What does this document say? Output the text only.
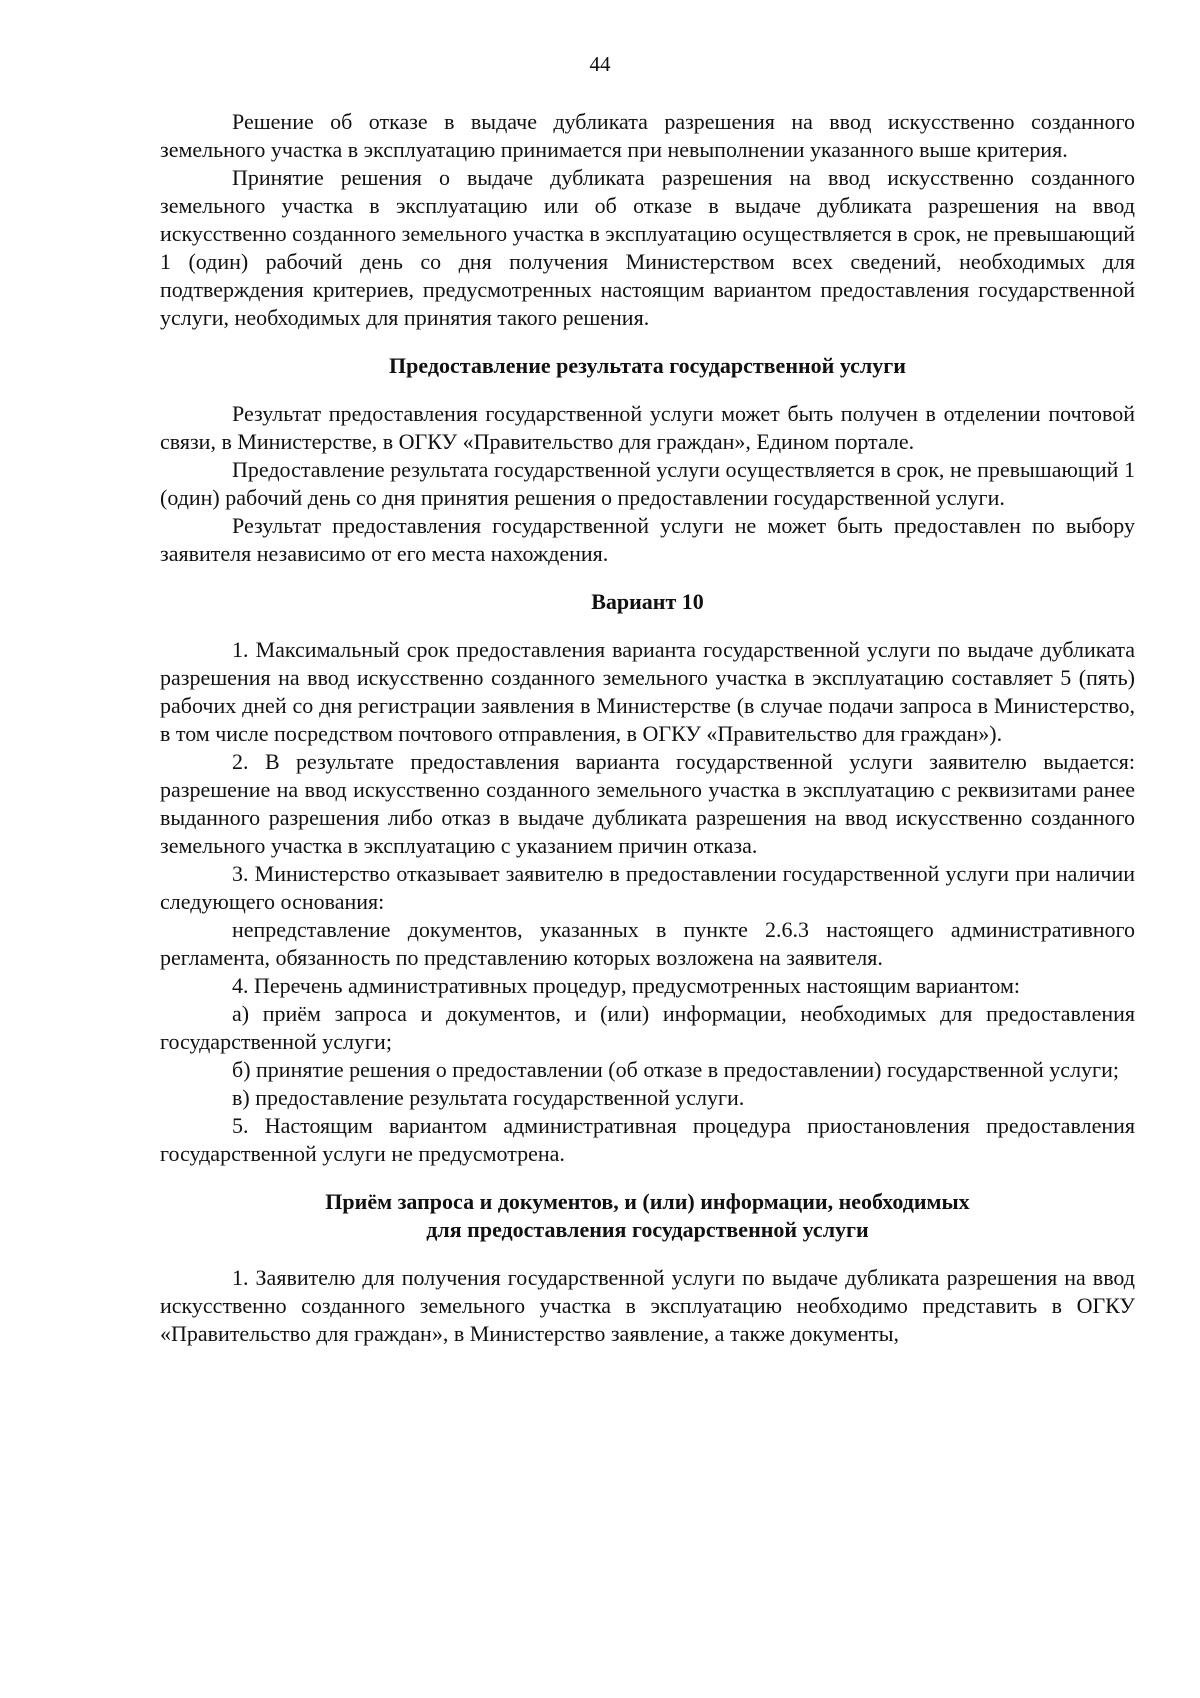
44

Решение об отказе в выдаче дубликата разрешения на ввод искусственно созданного земельного участка в эксплуатацию принимается при невыполнении указанного выше критерия.

Принятие решения о выдаче дубликата разрешения на ввод искусственно созданного земельного участка в эксплуатацию или об отказе в выдаче дубликата разрешения на ввод искусственно созданного земельного участка в эксплуатацию осуществляется в срок, не превышающий 1 (один) рабочий день со дня получения Министерством всех сведений, необходимых для подтверждения критериев, предусмотренных настоящим вариантом предоставления государственной услуги, необходимых для принятия такого решения.

Предоставление результата государственной услуги

Результат предоставления государственной услуги может быть получен в отделении почтовой связи, в Министерстве, в ОГКУ «Правительство для граждан», Едином портале.

Предоставление результата государственной услуги осуществляется в срок, не превышающий 1 (один) рабочий день со дня принятия решения о предоставлении государственной услуги.

Результат предоставления государственной услуги не может быть предоставлен по выбору заявителя независимо от его места нахождения.

Вариант 10

1. Максимальный срок предоставления варианта государственной услуги по выдаче дубликата разрешения на ввод искусственно созданного земельного участка в эксплуатацию составляет 5 (пять) рабочих дней со дня регистрации заявления в Министерстве (в случае подачи запроса в Министерство, в том числе посредством почтового отправления, в ОГКУ «Правительство для граждан»).

2. В результате предоставления варианта государственной услуги заявителю выдается: разрешение на ввод искусственно созданного земельного участка в эксплуатацию с реквизитами ранее выданного разрешения либо отказ в выдаче дубликата разрешения на ввод искусственно созданного земельного участка в эксплуатацию с указанием причин отказа.

3. Министерство отказывает заявителю в предоставлении государственной услуги при наличии следующего основания:

непредставление документов, указанных в пункте 2.6.3 настоящего административного регламента, обязанность по представлению которых возложена на заявителя.

4. Перечень административных процедур, предусмотренных настоящим вариантом:

а) приём запроса и документов, и (или) информации, необходимых для предоставления государственной услуги;

б) принятие решения о предоставлении (об отказе в предоставлении) государственной услуги;

в) предоставление результата государственной услуги.

5. Настоящим вариантом административная процедура приостановления предоставления государственной услуги не предусмотрена.

Приём запроса и документов, и (или) информации, необходимых
для предоставления государственной услуги

1. Заявителю для получения государственной услуги по выдаче дубликата разрешения на ввод искусственно созданного земельного участка в эксплуатацию необходимо представить в ОГКУ «Правительство для граждан», в Министерство заявление, а также документы,
